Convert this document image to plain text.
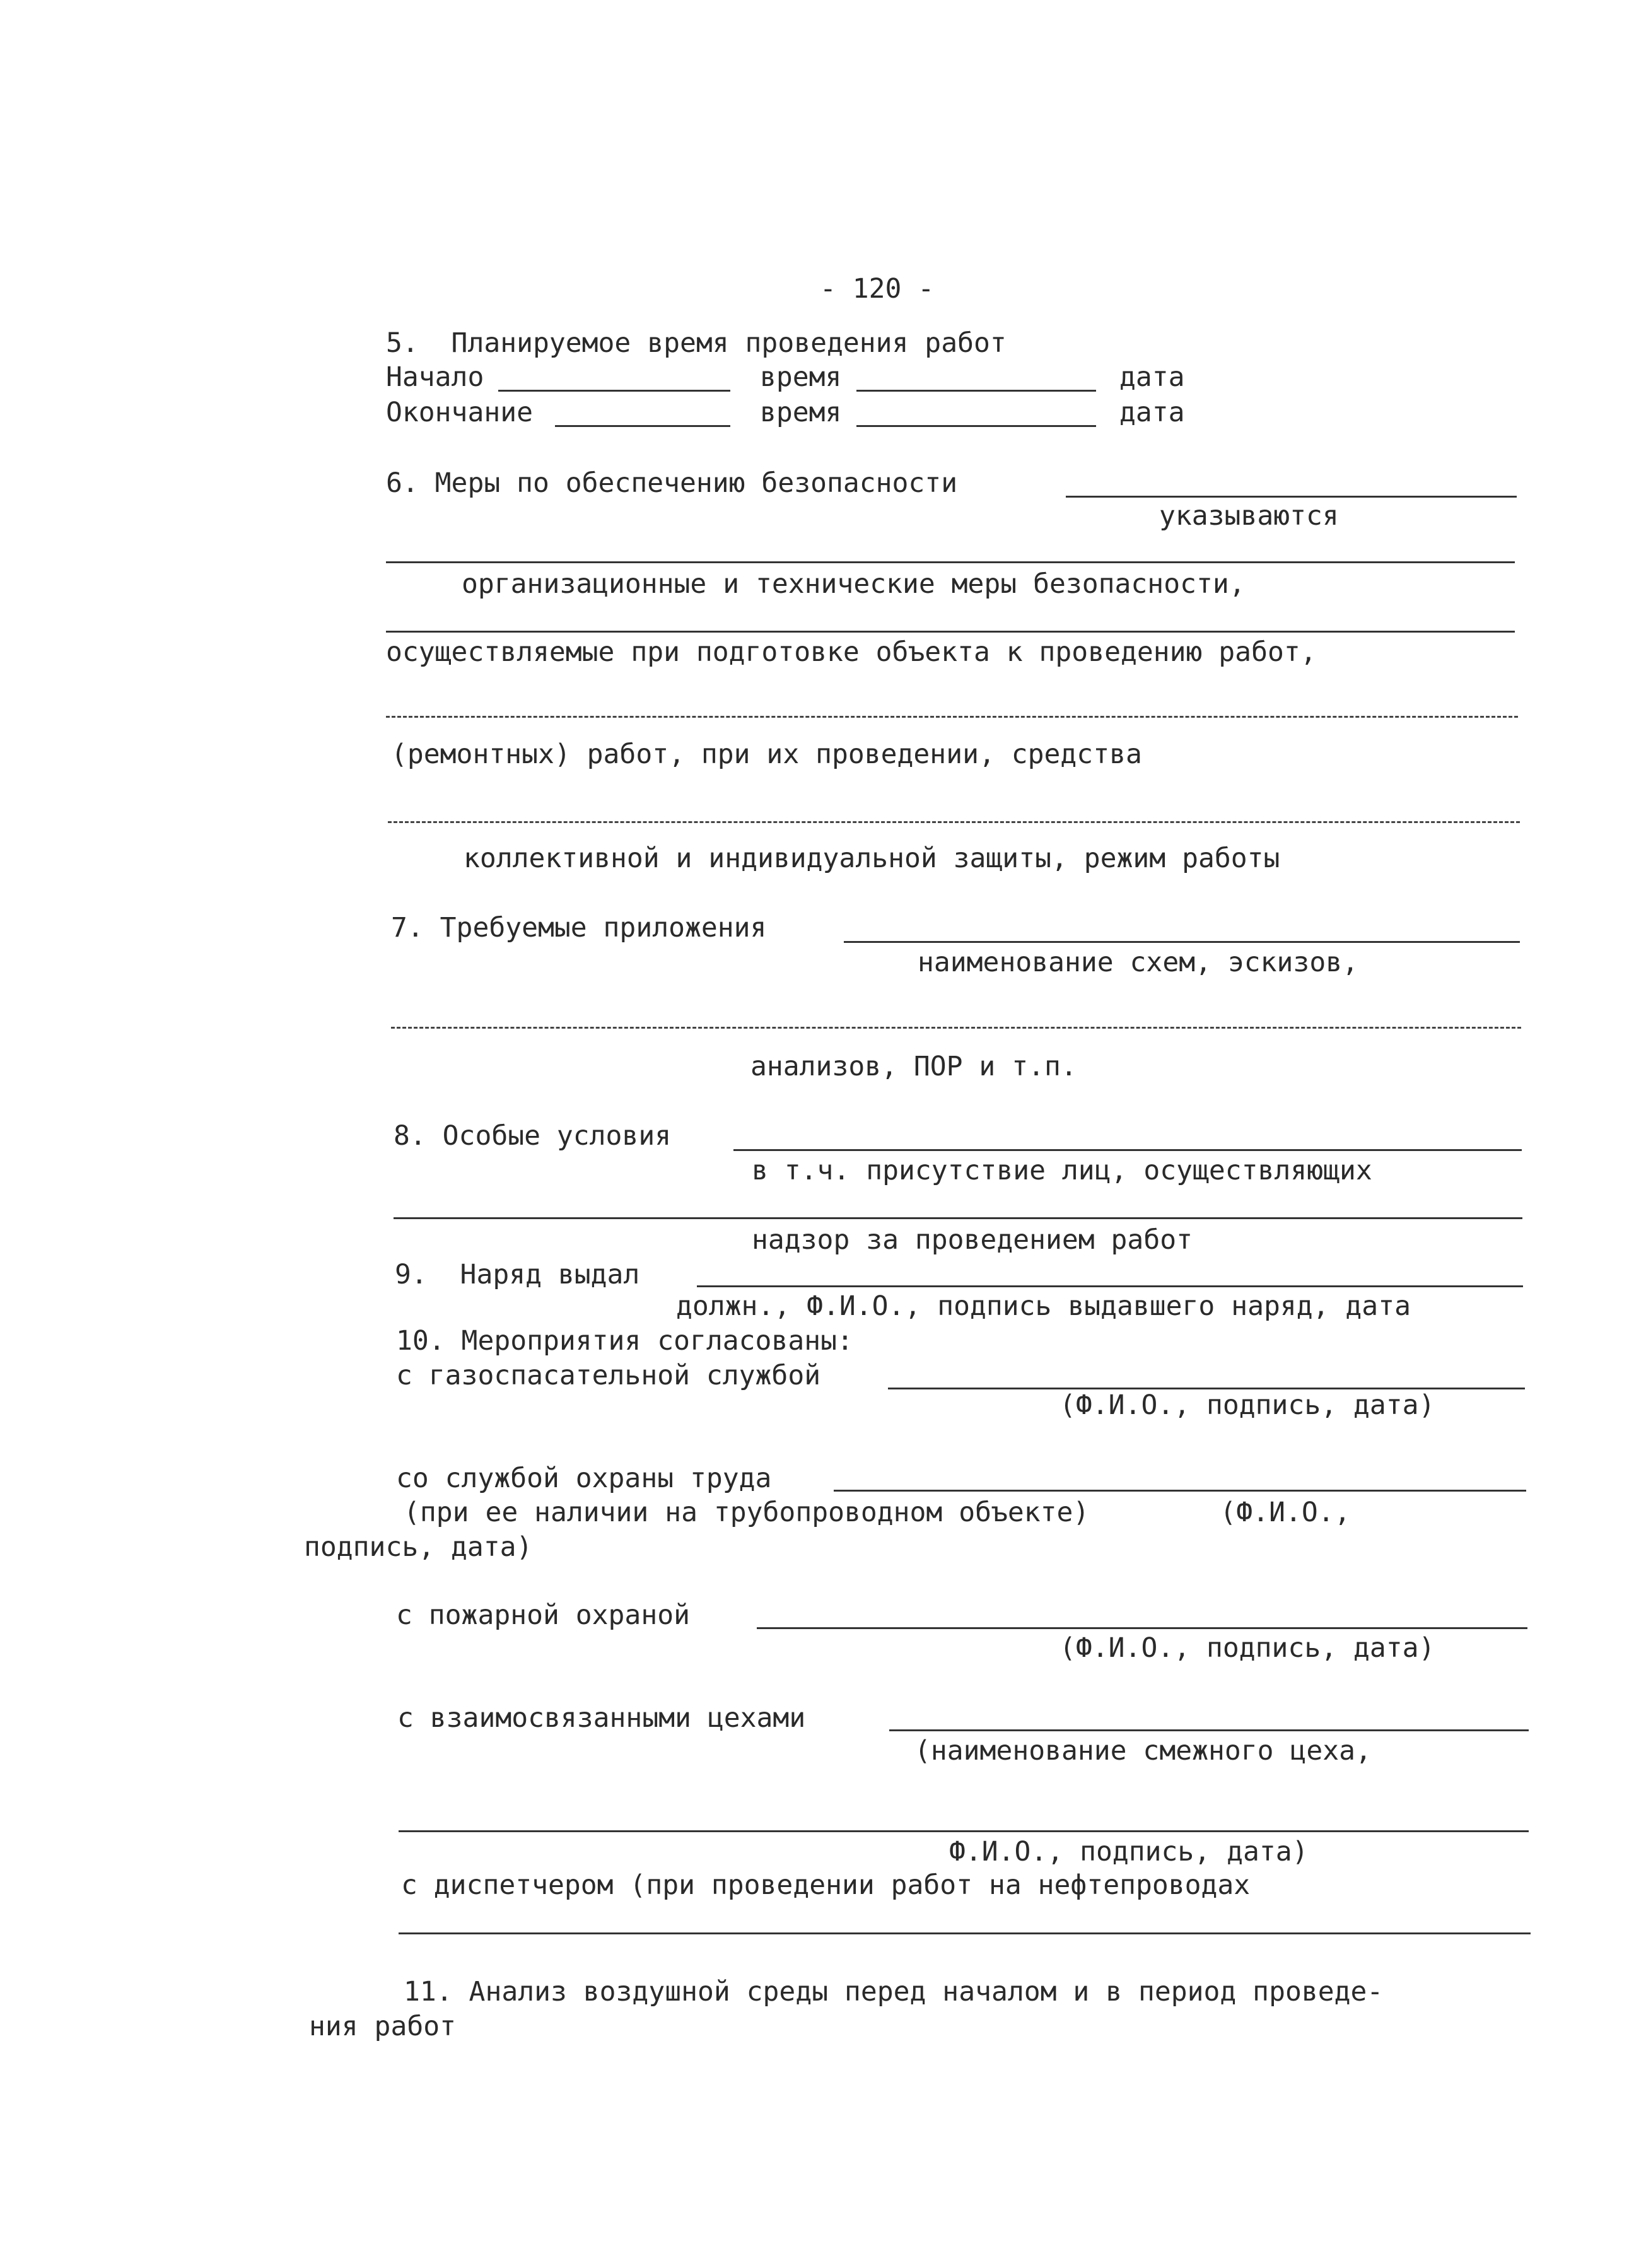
- 120 -
5.  Планируемое время проведения работ
Начало	время	дата
Окончание	время	дата
6. Меры по обеспечению безопасности
указываются
организационные и технические меры безопасности,
осуществляемые при подготовке объекта к проведению работ,
(ремонтных) работ, при их проведении, средства
коллективной и индивидуальной защиты, режим работы
7. Требуемые приложения
наименование схем, эскизов,
анализов, ПОР и т.п.
8. Особые условия
в т.ч. присутствие лиц, осуществляющих
надзор за проведением работ
9.  Наряд выдал
должн., Ф.И.О., подпись выдавшего наряд, дата
10. Мероприятия согласованы:
с газоспасательной службой
(Ф.И.О., подпись, дата)
со службой охраны труда
(при ее наличии на трубопроводном объекте)        (Ф.И.О.,
подпись, дата)
с пожарной охраной
(Ф.И.О., подпись, дата)
с взаимосвязанными цехами
(наименование смежного цеха,
Ф.И.О., подпись, дата)
с диспетчером (при проведении работ на нефтепроводах
11. Анализ воздушной среды перед началом и в период проведе-
ния работ
